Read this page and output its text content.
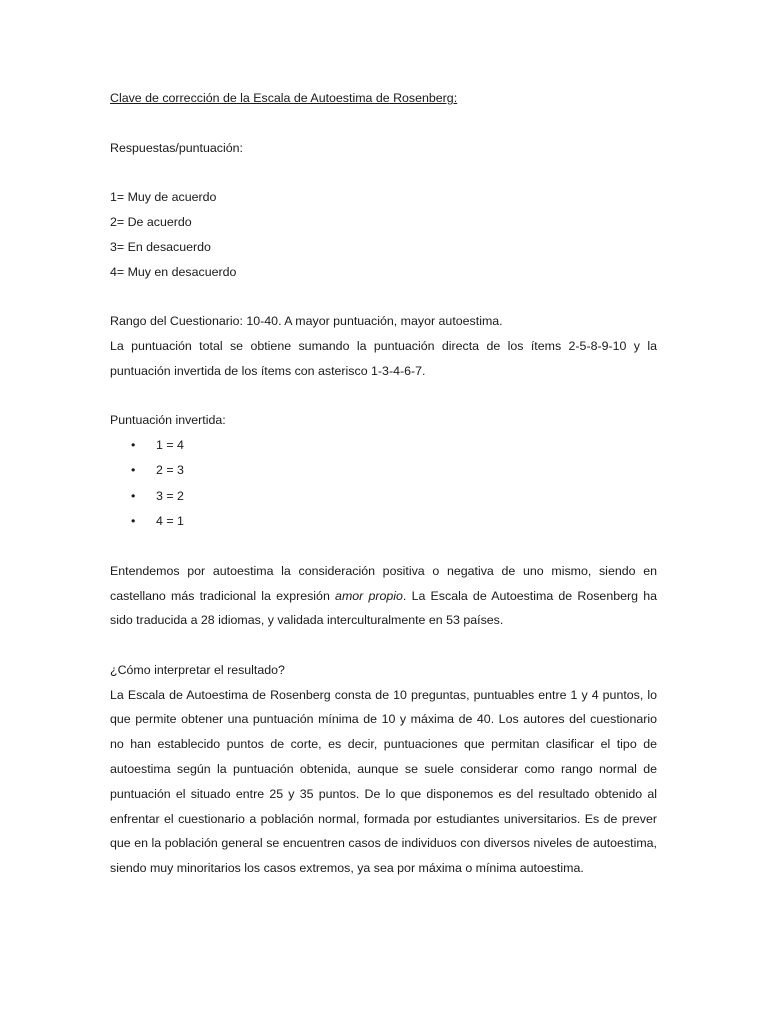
Clave de corrección de la Escala de Autoestima de Rosenberg:
Respuestas/puntuación:
1= Muy de acuerdo
2= De acuerdo
3= En desacuerdo
4= Muy en desacuerdo
Rango del Cuestionario: 10-40. A mayor puntuación, mayor autoestima.
La puntuación total se obtiene sumando la puntuación directa de los ítems 2-5-8-9-10 y la puntuación invertida de los ítems con asterisco 1-3-4-6-7.
Puntuación invertida:
• 1 = 4
• 2 = 3
• 3 = 2
• 4 = 1
Entendemos por autoestima la consideración positiva o negativa de uno mismo, siendo en castellano más tradicional la expresión amor propio. La Escala de Autoestima de Rosenberg ha sido traducida a 28 idiomas, y validada interculturalmente en 53 países.
¿Cómo interpretar el resultado?
La Escala de Autoestima de Rosenberg consta de 10 preguntas, puntuables entre 1 y 4 puntos, lo que permite obtener una puntuación mínima de 10 y máxima de 40. Los autores del cuestionario no han establecido puntos de corte, es decir, puntuaciones que permitan clasificar el tipo de autoestima según la puntuación obtenida, aunque se suele considerar como rango normal de puntuación el situado entre 25 y 35 puntos. De lo que disponemos es del resultado obtenido al enfrentar el cuestionario a población normal, formada por estudiantes universitarios. Es de prever que en la población general se encuentren casos de individuos con diversos niveles de autoestima, siendo muy minoritarios los casos extremos, ya sea por máxima o mínima autoestima.
